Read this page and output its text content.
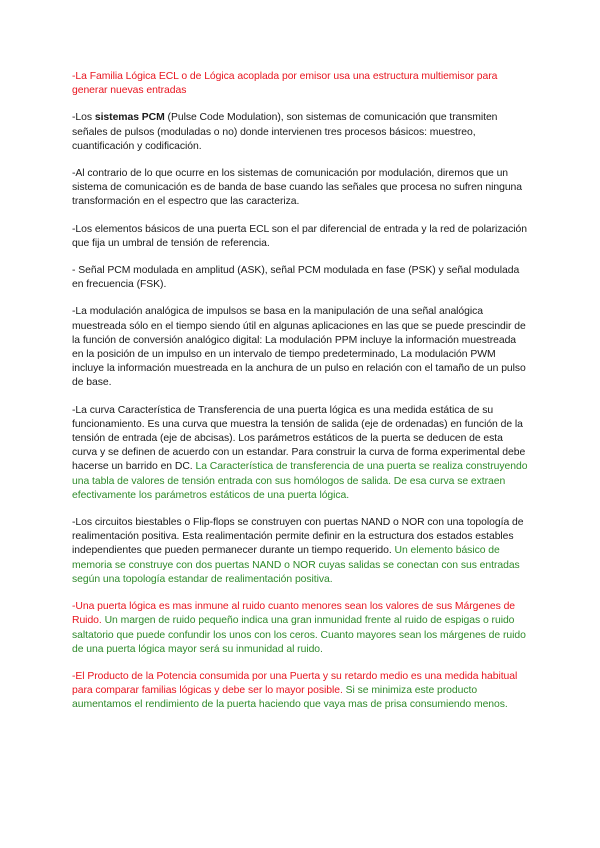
-La Familia Lógica ECL o de Lógica acoplada por emisor usa una estructura multiemisor para generar nuevas entradas

-Los sistemas PCM (Pulse Code Modulation), son sistemas de comunicación que transmiten señales de pulsos (moduladas o no) donde intervienen tres procesos básicos: muestreo, cuantificación y codificación.

-Al contrario de lo que ocurre en los sistemas de comunicación por modulación, diremos que un sistema de comunicación es de banda de base cuando las señales que procesa no sufren ninguna transformación en el espectro que las caracteriza.

-Los elementos básicos de una puerta ECL son el par diferencial de entrada y la red de polarización que fija un umbral de tensión de referencia.

- Señal PCM modulada en amplitud (ASK), señal PCM modulada en fase (PSK) y señal modulada en frecuencia (FSK).

-La modulación analógica de impulsos se basa en la manipulación de una señal analógica muestreada sólo en el tiempo siendo útil en algunas aplicaciones en las que se puede prescindir de la función de conversión analógico digital: La modulación PPM incluye la información muestreada en la posición de un impulso en un intervalo de tiempo predeterminado, La modulación PWM incluye la información muestreada en la anchura de un pulso en relación con el tamaño de un pulso de base.

-La curva Característica de Transferencia de una puerta lógica es una medida estática de su funcionamiento. Es una curva que muestra la tensión de salida (eje de ordenadas) en función de la tensión de entrada (eje de abcisas). Los parámetros estáticos de la puerta se deducen de esta curva y se definen de acuerdo con un estandar. Para construir la curva de forma experimental debe hacerse un barrido en DC. La Característica de transferencia de una puerta se realiza construyendo una tabla de valores de tensión entrada con sus homólogos de salida. De esa curva se extraen efectivamente los parámetros estáticos de una puerta lógica.

-Los circuitos biestables o Flip-flops se construyen con puertas NAND o NOR con una topología de realimentación positiva. Esta realimentación permite definir en la estructura dos estados estables independientes que pueden permanecer durante un tiempo requerido. Un elemento básico de memoria se construye con dos puertas NAND o NOR cuyas salidas se conectan con sus entradas según una topología estandar de realimentación positiva.

-Una puerta lógica es mas inmune al ruido cuanto menores sean los valores de sus Márgenes de Ruido. Un margen de ruido pequeño indica una gran inmunidad frente al ruido de espigas o ruido saltatorio que puede confundir los unos con los ceros. Cuanto mayores sean los márgenes de ruido de una puerta lógica mayor será su inmunidad al ruido.

-El Producto de la Potencia consumida por una Puerta y su retardo medio es una medida habitual para comparar familias lógicas y debe ser lo mayor posible. Si se minimiza este producto aumentamos el rendimiento de la puerta haciendo que vaya mas de prisa consumiendo menos.
